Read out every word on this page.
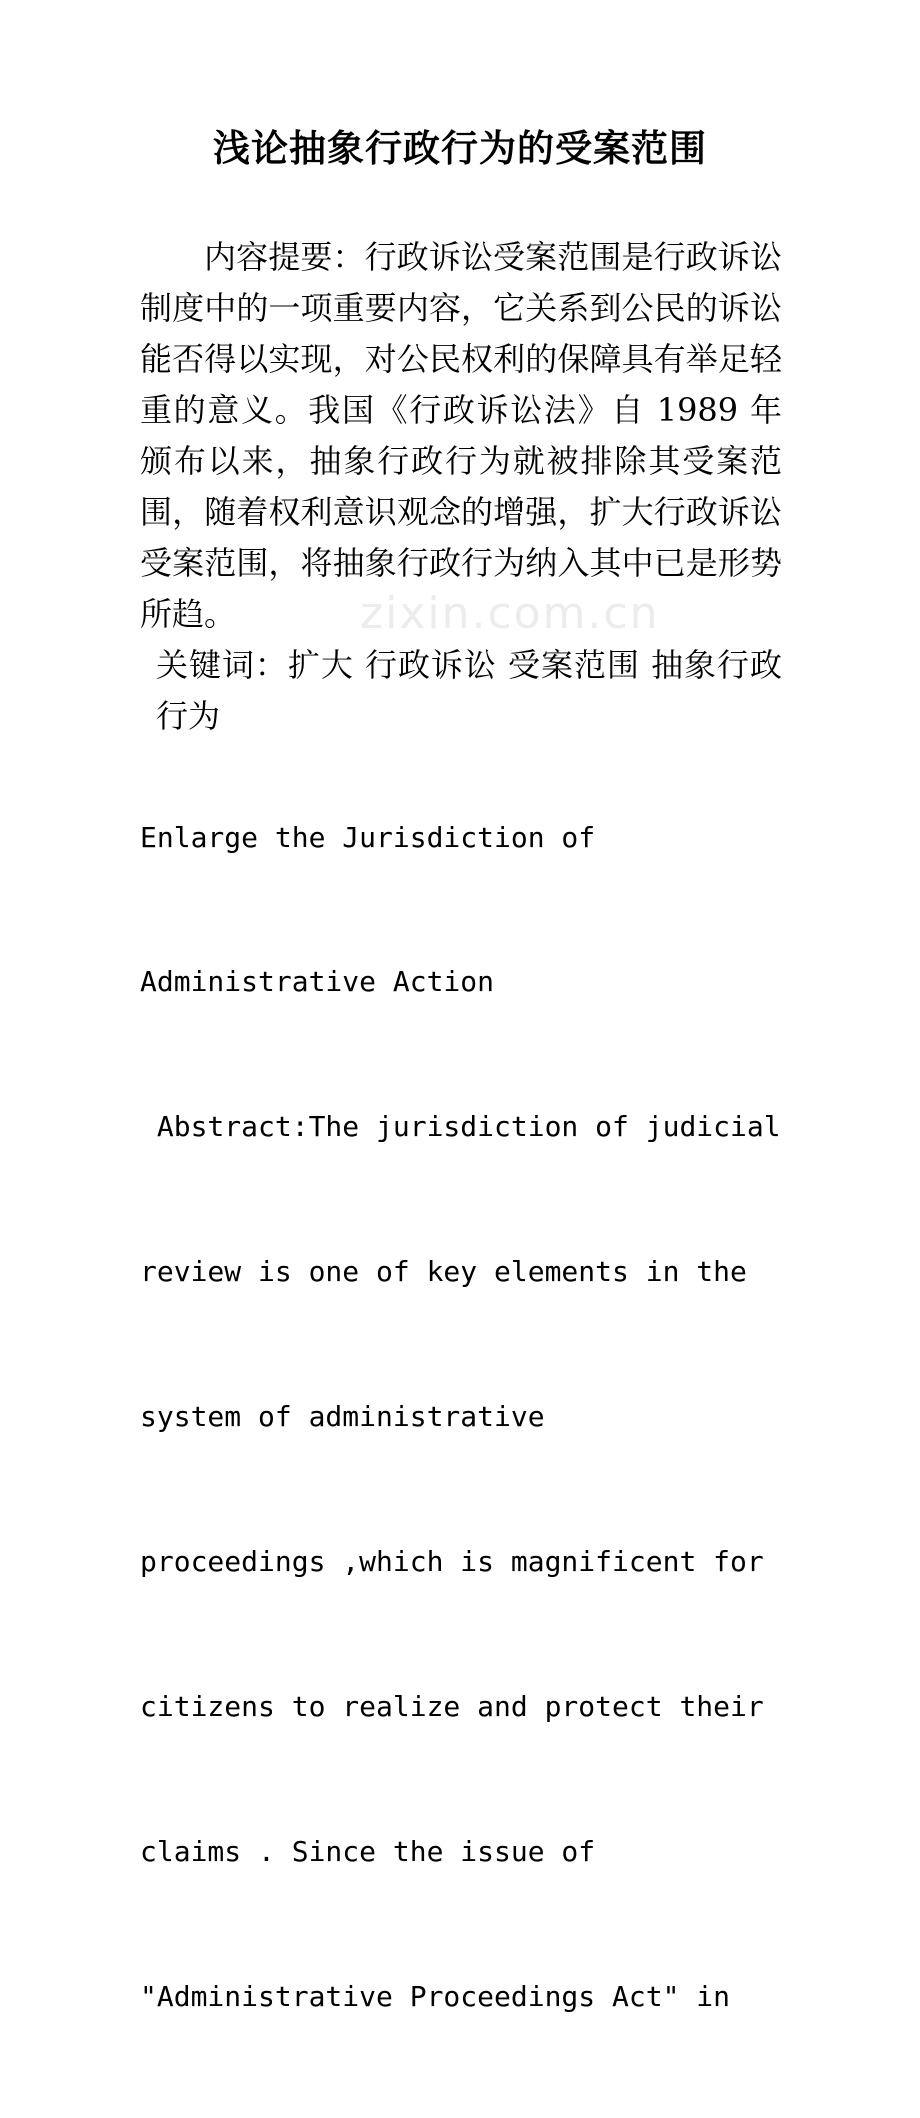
zixin.com.cn
浅论抽象行政行为的受案范围

内容提要：行政诉讼受案范围是行政诉讼制度中的一项重要内容，它关系到公民的诉讼能否得以实现，对公民权利的保障具有举足轻重的意义。我国《行政诉讼法》自 1989 年颁布以来，抽象行政行为就被排除其受案范围，随着权利意识观念的增强，扩大行政诉讼受案范围，将抽象行政行为纳入其中已是形势所趋。

关键词：扩大 行政诉讼 受案范围 抽象行政行为

Enlarge the Jurisdiction of

Administrative Action

Abstract:The jurisdiction of judicial

review is one of key elements in the

system of administrative

proceedings ,which is magnificent for

citizens to realize and protect their

claims . Since the issue of

"Administrative Proceedings Act" in
